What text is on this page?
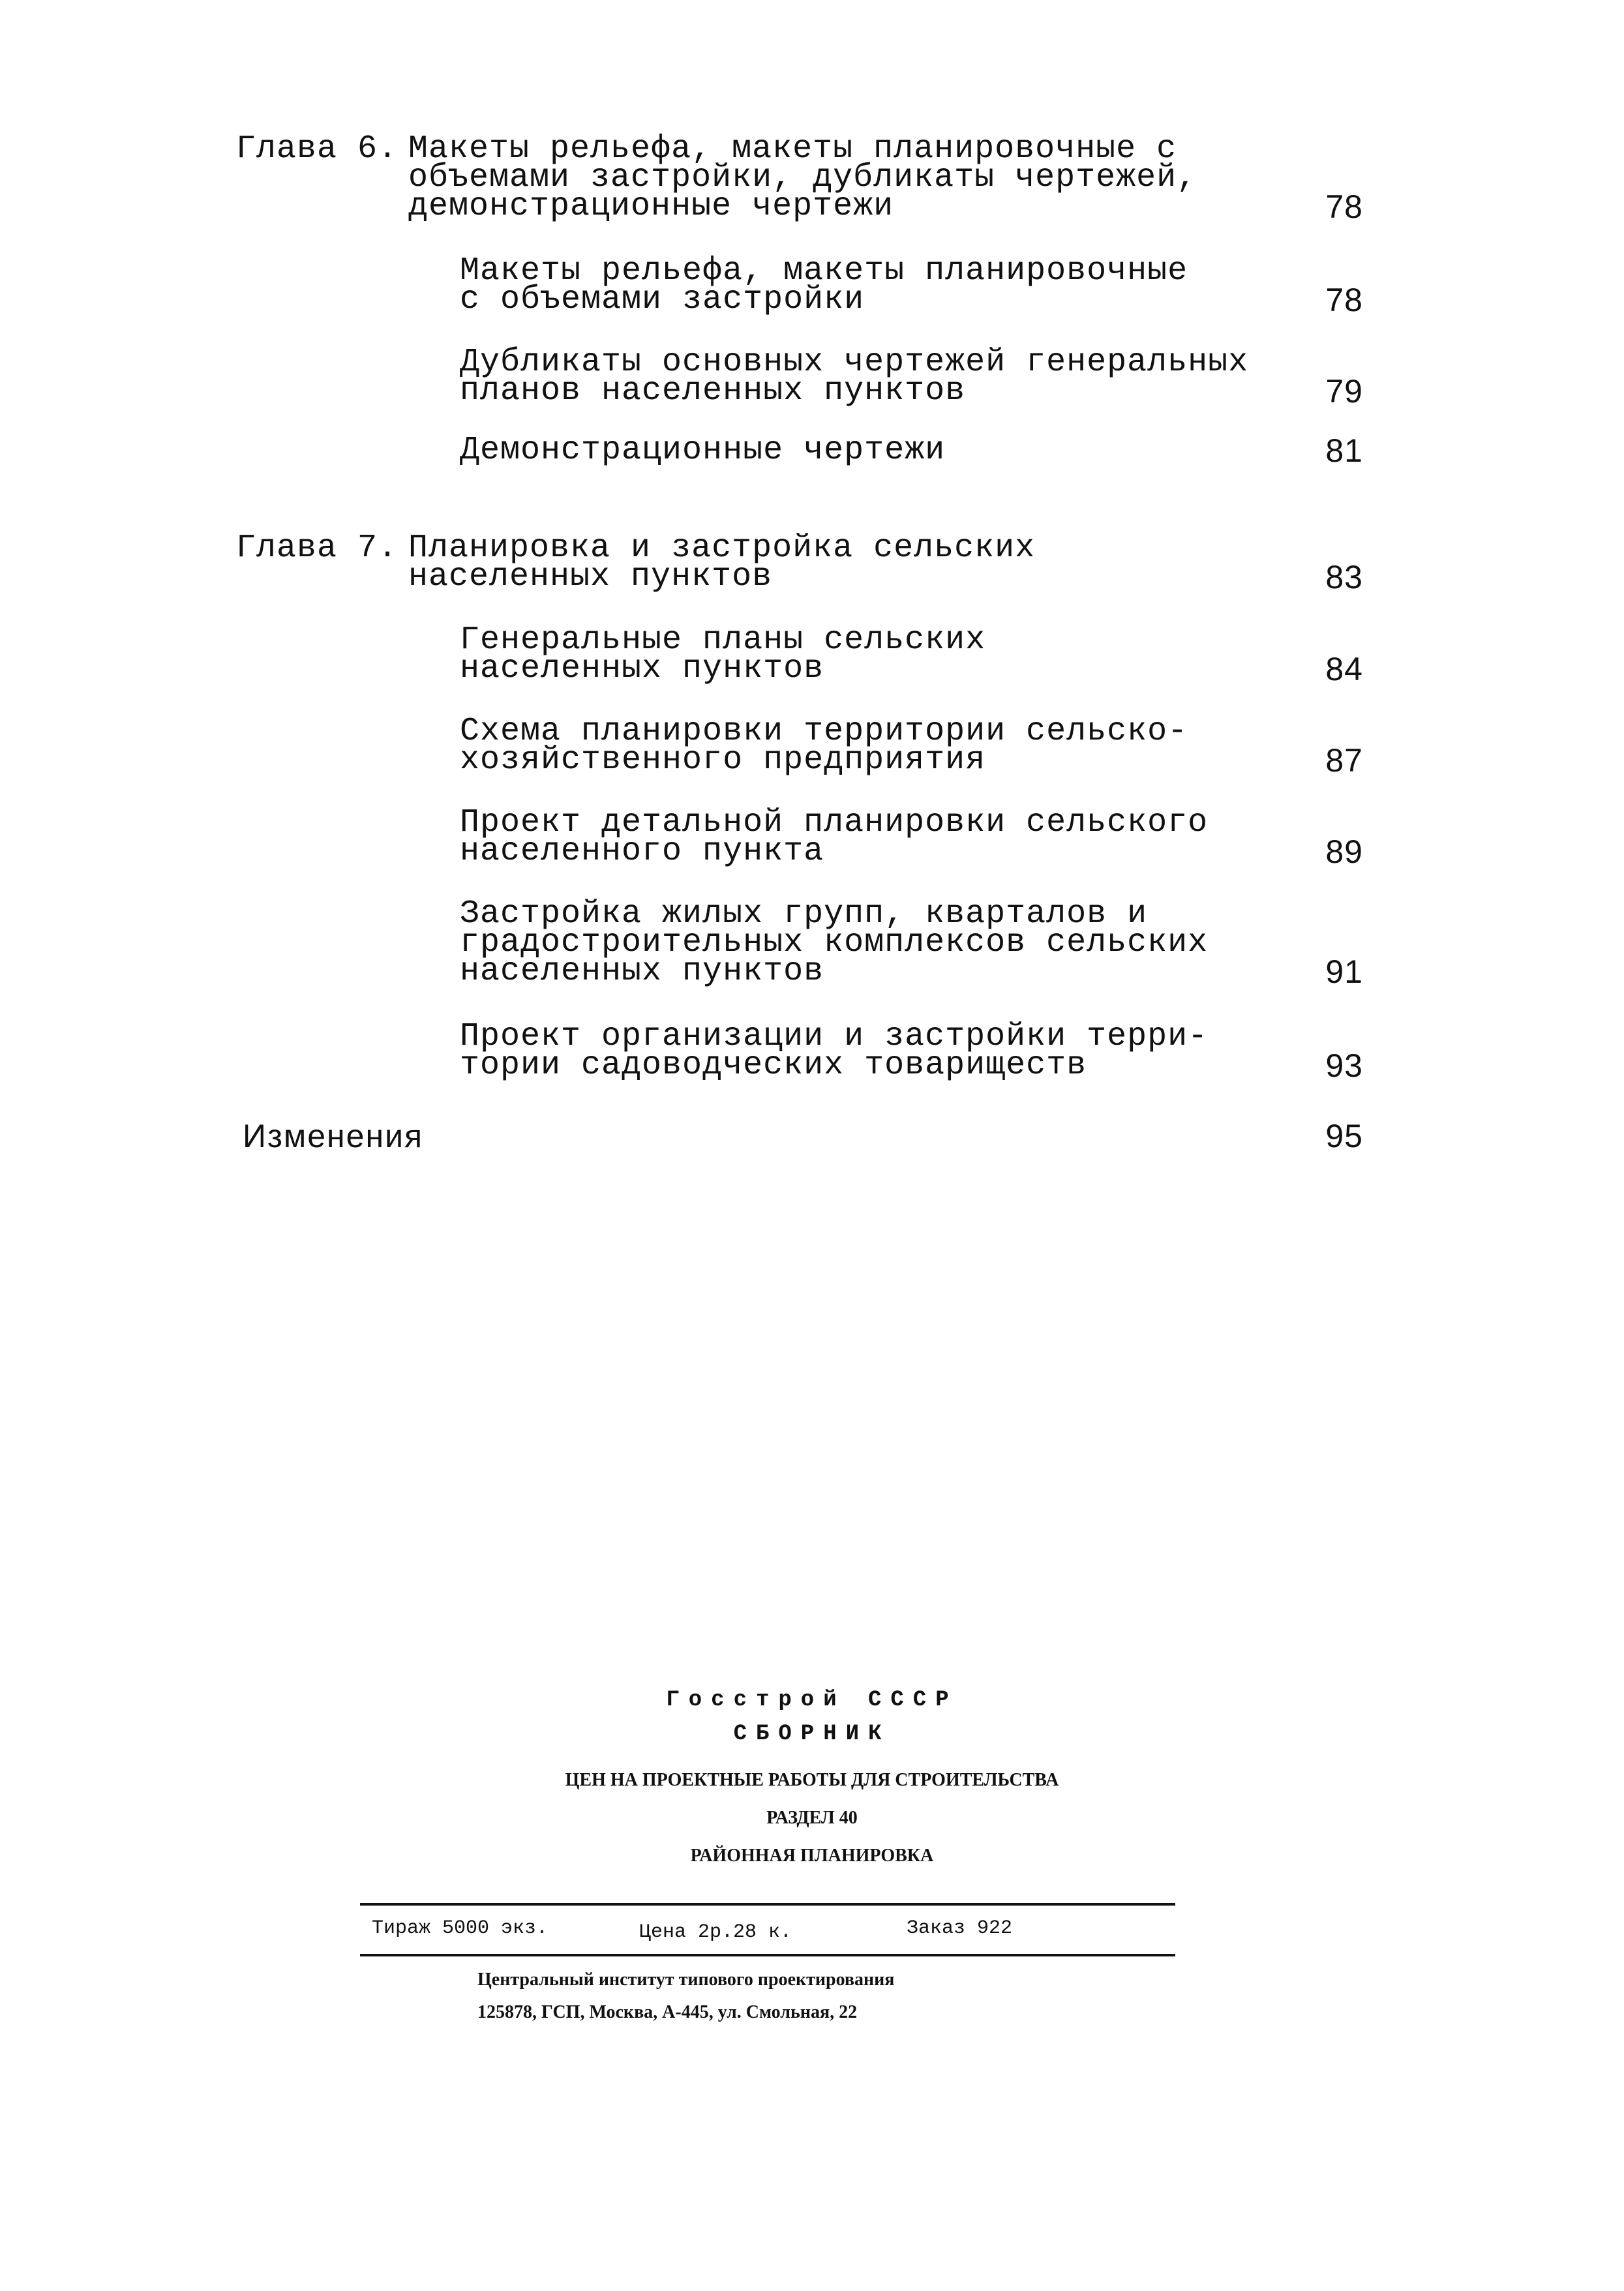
Глава 6. Макеты рельефа, макеты планировочные с
объемами застройки, дубликаты чертежей,
демонстрационные чертежи	78
Макеты рельефа, макеты планировочные
с объемами застройки	78
Дубликаты основных чертежей генеральных
планов населенных пунктов	79
Демонстрационные чертежи	81
Глава 7. Планировка и застройка сельских
населенных пунктов	83
Генеральные планы сельских
населенных пунктов	84
Схема планировки территории сельско-
хозяйственного предприятия	87
Проект детальной планировки сельского
населенного пункта	89
Застройка жилых групп, кварталов и
градостроительных комплексов сельских
населенных пунктов	91
Проект организации и застройки терри-
тории садоводческих товариществ	93
Изменения	95
Госстрой СССР
СБОРНИК
ЦЕН НА ПРОЕКТНЫЕ РАБОТЫ ДЛЯ СТРОИТЕЛЬСТВА
РАЗДЕЛ 40
РАЙОННАЯ ПЛАНИРОВКА
Тираж 5000 экз.	Цена 2р.28 к.	Заказ 922
Центральный институт типового проектирования
125878, ГСП, Москва, А-445, ул. Смольная, 22
